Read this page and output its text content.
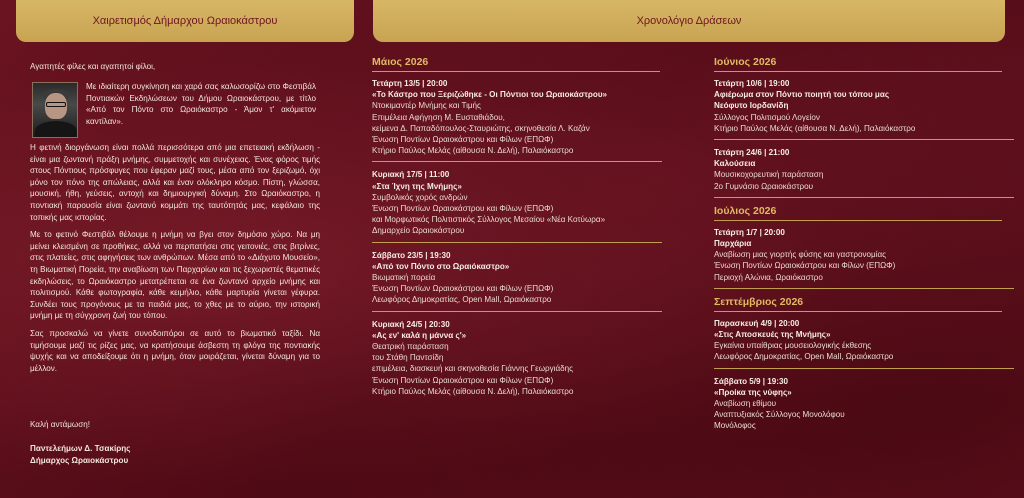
Χαιρετισμός Δήμαρχου Ωραιοκάστρου	Χρονολόγιο Δράσεων

Αγαπητές φίλες και αγαπητοί φίλοι,

Με ιδιαίτερη συγκίνηση και χαρά σας καλωσορίζω στο Φεστιβάλ Ποντιακών Εκδηλώσεων του Δήμου Ωραιοκάστρου, με τίτλο «Από τον Πόντο στο Ωραιόκαστρο - Άμον τ' ακόμιετον καντίλαν».

Η φετινή διοργάνωση είναι πολλά περισσότερα από μια επετειακή εκδήλωση - είναι μια ζωντανή πράξη μνήμης, συμμετοχής και συνέχειας. Ένας φόρος τιμής στους Πόντιους πρόσφυγες που έφεραν μαζί τους, μέσα από τον ξεριζωμό, όχι μόνο τον πόνο της απώλειας, αλλά και έναν ολόκληρο κόσμο. Πίστη, γλώσσα, μουσική, ήθη, γεύσεις, αντοχή και δημιουργική δύναμη. Στο Ωραιόκαστρο, η ποντιακή παρουσία είναι ζωντανό κομμάτι της ταυτότητάς μας, κεφάλαιο της τοπικής μας ιστορίας.

Με το φετινό Φεστιβάλ θέλουμε η μνήμη να βγει στον δημόσιο χώρο. Να μη μείνει κλεισμένη σε προθήκες, αλλά να περπατήσει στις γειτονιές, στις βιτρίνες, στις πλατείες, στις αφηγήσεις των ανθρώπων. Μέσα από το «Διάχυτο Μουσείο», τη Βιωματική Πορεία, την αναβίωση των Παρχαρίων και τις ξεχωριστές θεματικές εκδηλώσεις, το Ωραιόκαστρο μετατρέπεται σε ένα ζωντανό αρχείο μνήμης και πολιτισμού. Κάθε φωτογραφία, κάθε κειμήλιο, κάθε μαρτυρία γίνεται γέφυρα. Συνδέει τους προγόνους με τα παιδιά μας, το χθες με το αύριο, την ιστορική μνήμη με τη σύγχρονη ζωή του τόπου.

Σας προσκαλώ να γίνετε συνοδοιπόροι σε αυτό το βιωματικό ταξίδι. Να τιμήσουμε μαζί τις ρίζες μας, να κρατήσουμε άσβεστη τη φλόγα της ποντιακής ψυχής και να αποδείξουμε ότι η μνήμη, όταν μοιράζεται, γίνεται δύναμη για το μέλλον.

Καλή αντάμωση!
Παντελεήμων Δ. Τσακίρης
Δήμαρχος Ωραιοκάστρου
Μάιος 2026
Τετάρτη 13/5 | 20:00
«Το Κάστρο που Ξεριζώθηκε - Οι Πόντιοι του Ωραιοκάστρου»
Ντοκιμαντέρ Μνήμης και Τιμής
Επιμέλεια Αφήγηση Μ. Ευσταθιάδου,
κείμενα Δ. Παπαδόπουλος-Σταυριώτης, σκηνοθεσία Λ. Καζάν
Ένωση Ποντίων Ωραιοκάστρου και Φίλων (ΕΠΩΦ)
Κτήριο Παύλος Μελάς (αίθουσα Ν. Δελή), Παλαιόκαστρο
Κυριακή 17/5 | 11:00
«Στα Ίχνη της Μνήμης»
Συμβολικός χορός ανδρών
Ένωση Ποντίων Ωραιοκάστρου και Φίλων (ΕΠΩΦ)
και Μορφωτικός Πολιτιστικός Σύλλογος Μεσαίου «Νέα Κοτύωρα»
Δημαρχείο Ωραιοκάστρου
Σάββατο 23/5 | 19:30
«Από τον Πόντο στο Ωραιόκαστρο»
Βιωματική πορεία
Ένωση Ποντίων Ωραιοκάστρου και Φίλων (ΕΠΩΦ)
Λεωφόρος Δημοκρατίας, Open Mall, Ωραιόκαστρο
Κυριακή 24/5 | 20:30
«Ας εν' καλά η μάννα ς'»
Θεατρική παράσταση
του Στάθη Παντσίδη
επιμέλεια, διασκευή και σκηνοθεσία Γιάννης Γεωργιάδης
Ένωση Ποντίων Ωραιοκάστρου και Φίλων (ΕΠΩΦ)
Κτήριο Παύλος Μελάς (αίθουσα Ν. Δελή), Παλαιόκαστρο
Ιούνιος 2026
Τετάρτη 10/6 | 19:00
Αφιέρωμα στον Πόντιο ποιητή του τόπου μας
Νεόφυτο Ιορδανίδη
Σύλλογος Πολιτισμού Λογείον
Κτήριο Παύλος Μελάς (αίθουσα Ν. Δελή), Παλαιόκαστρο
Τετάρτη 24/6 | 21:00
Καλούσεια
Μουσικοχορευτική παράσταση
2ο Γυμνάσιο Ωραιοκάστρου
Ιούλιος 2026
Τετάρτη 1/7 | 20:00
Παρχάρια
Αναβίωση μιας γιορτής φύσης και γαστρονομίας
Ένωση Ποντίων Ωραιοκάστρου και Φίλων (ΕΠΩΦ)
Περιοχή Αλώνια, Ωραιόκαστρο
Σεπτέμβριος 2026
Παρασκευή 4/9 | 20:00
«Στις Αποσκευές της Μνήμης»
Εγκαίνια υπαίθριας μουσειολογικής έκθεσης
Λεωφόρος Δημοκρατίας, Open Mall, Ωραιόκαστρο
Σάββατο 5/9 | 19:30
«Προίκα της νύφης»
Αναβίωση εθίμου
Αναπτυξιακός Σύλλογος Μονολόφου
Μονόλοφος
